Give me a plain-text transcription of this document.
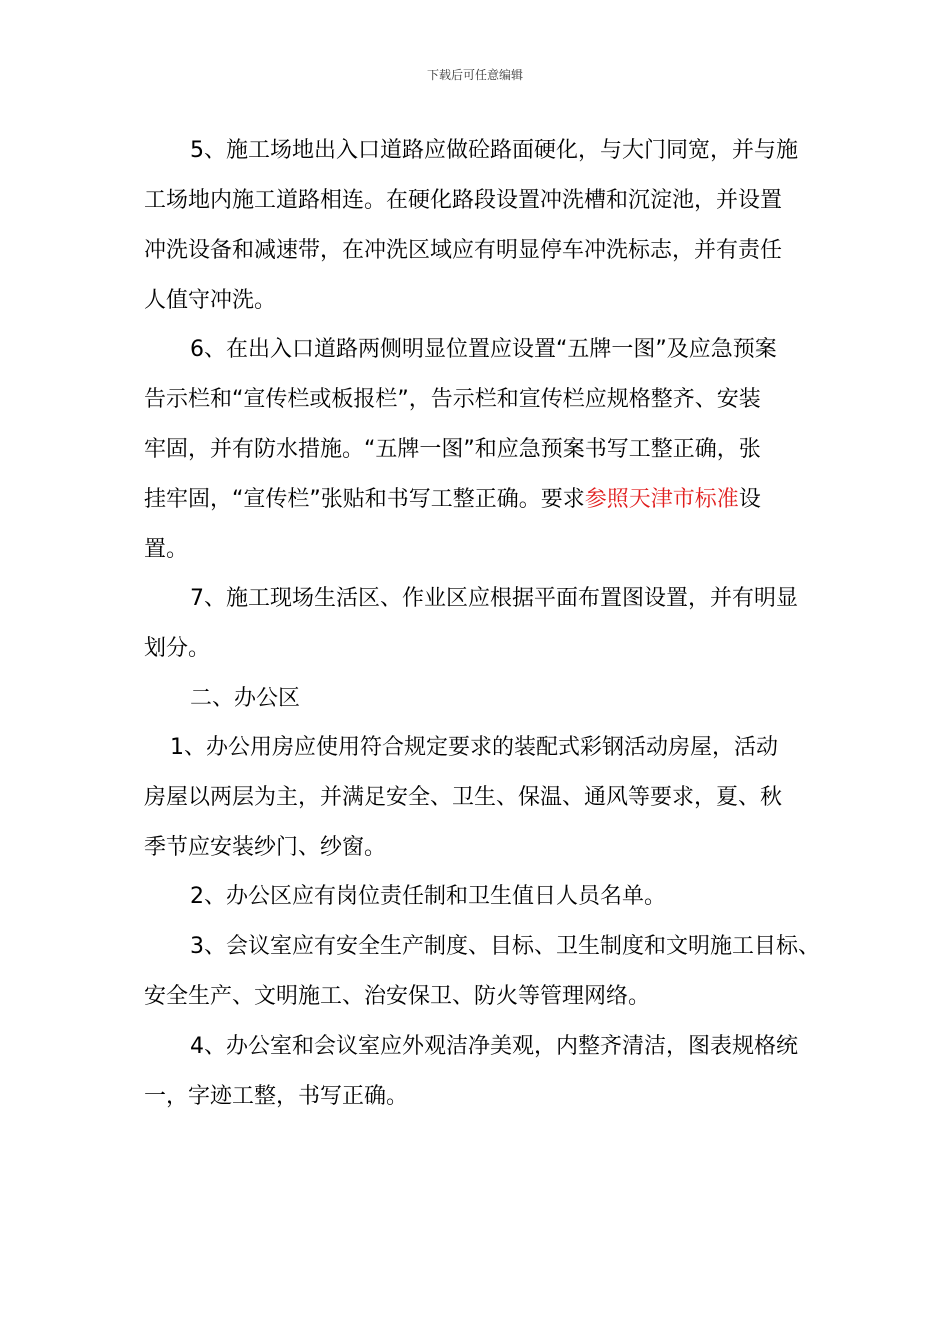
下载后可任意编辑
5、施工场地出入口道路应做砼路面硬化，与大门同宽，并与施
工场地内施工道路相连。在硬化路段设置冲洗槽和沉淀池，并设置
冲洗设备和减速带，在冲洗区域应有明显停车冲洗标志，并有责任
人值守冲洗。
6、在出入口道路两侧明显位置应设置“五牌一图”及应急预案
告示栏和“宣传栏或板报栏”，告示栏和宣传栏应规格整齐、安装
牢固，并有防水措施。“五牌一图”和应急预案书写工整正确，张
挂牢固，“宣传栏”张贴和书写工整正确。要求参照天津市标准设
置。
7、施工现场生活区、作业区应根据平面布置图设置，并有明显
划分。
二、办公区
1、办公用房应使用符合规定要求的装配式彩钢活动房屋，活动
房屋以两层为主，并满足安全、卫生、保温、通风等要求，夏、秋
季节应安装纱门、纱窗。
2、办公区应有岗位责任制和卫生值日人员名单。
3、会议室应有安全生产制度、目标、卫生制度和文明施工目标、
安全生产、文明施工、治安保卫、防火等管理网络。
4、办公室和会议室应外观洁净美观，内整齐清洁，图表规格统
一，字迹工整，书写正确。
